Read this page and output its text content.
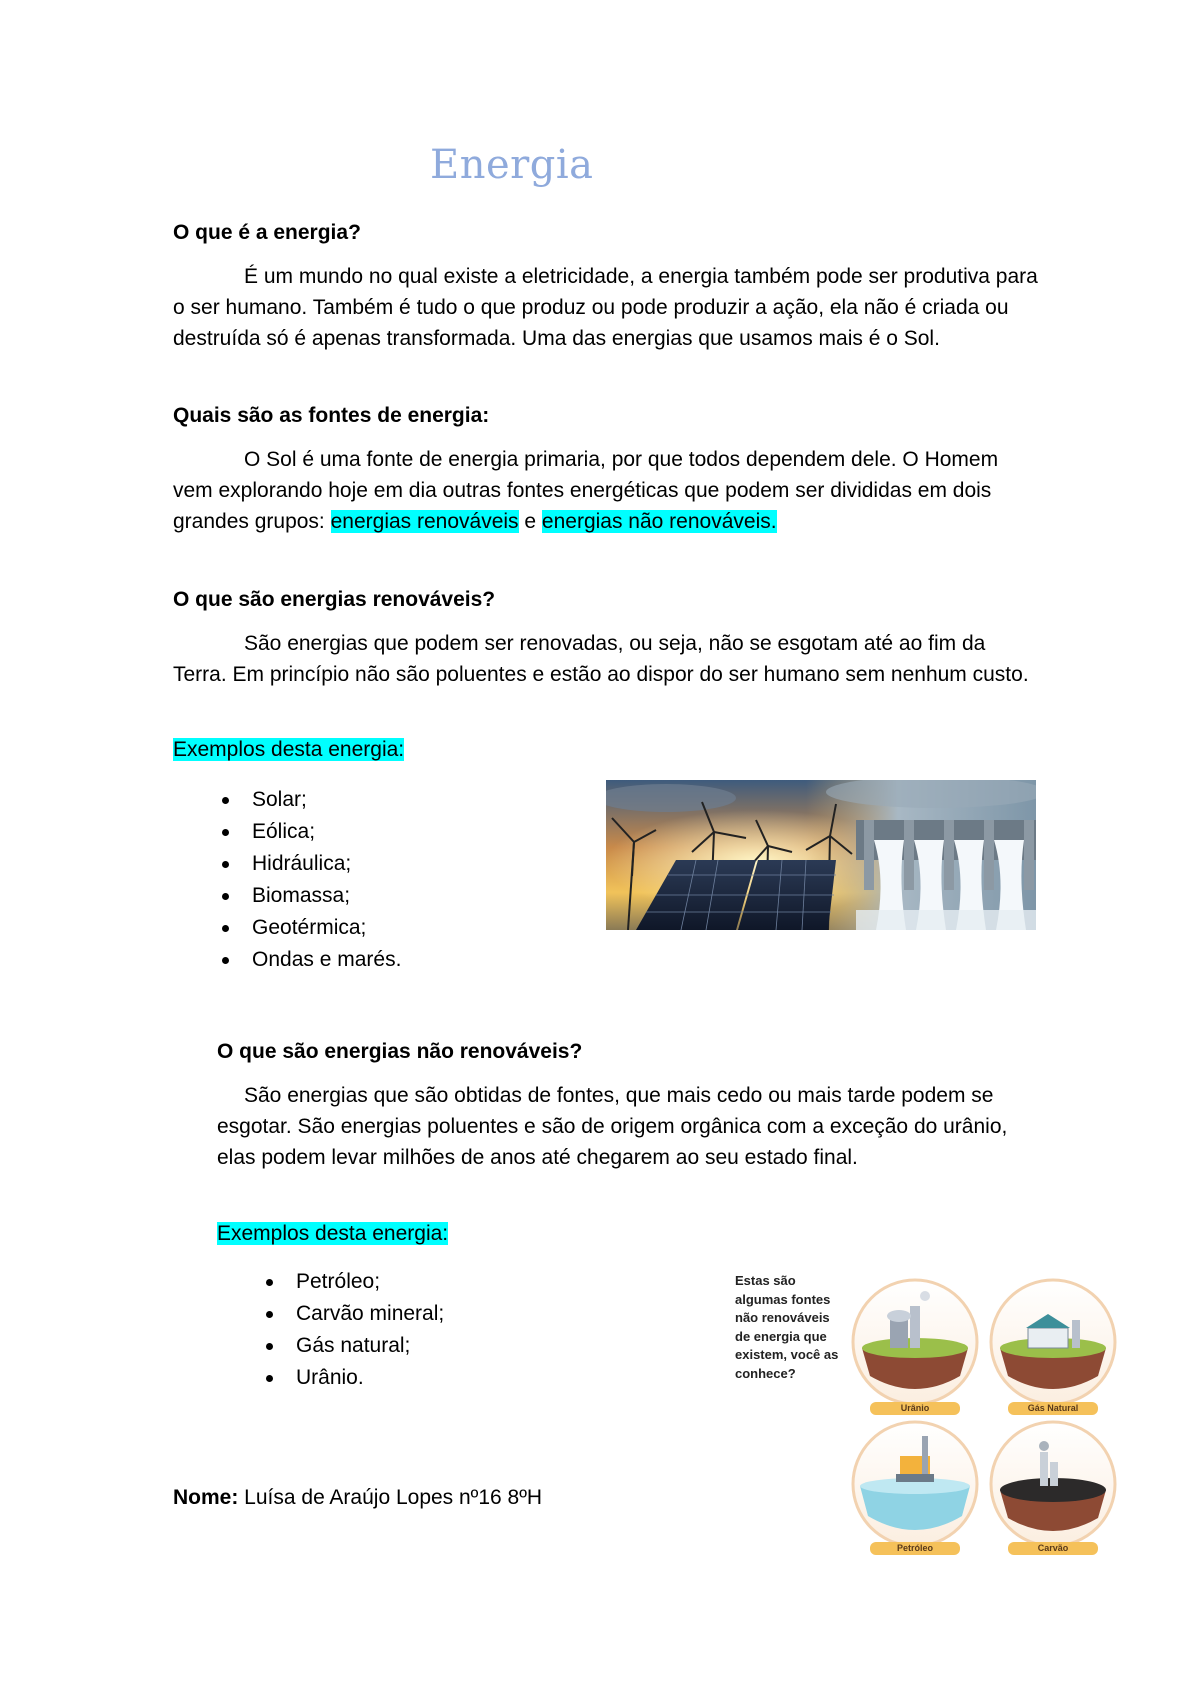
Energia
O que é a energia?

É um mundo no qual existe a eletricidade, a energia também pode ser produtiva para o ser humano. Também é tudo o que produz ou pode produzir a ação, ela não é criada ou destruída só é apenas transformada. Uma das energias que usamos mais é o Sol.

Quais são as fontes de energia:

O Sol é uma fonte de energia primaria, por que todos dependem dele. O Homem vem explorando hoje em dia outras fontes energéticas que podem ser divididas em dois grandes grupos: energias renováveis e energias não renováveis.

O que são energias renováveis?

São energias que podem ser renovadas, ou seja, não se esgotam até ao fim da Terra. Em princípio não são poluentes e estão ao dispor do ser humano sem nenhum custo.

Exemplos desta energia:
Solar;
Eólica;
Hidráulica;
Biomassa;
Geotérmica;
Ondas e marés.
O que são energias não renováveis?

São energias que são obtidas de fontes, que mais cedo ou mais tarde podem se esgotar. São energias poluentes e são de origem orgânica com a exceção do urânio, elas podem levar milhões de anos até chegarem ao seu estado final.

Exemplos desta energia:
Petróleo;
Carvão mineral;
Gás natural;
Urânio.
Estas são algumas fontes não renováveis de energia que existem, você as conhece?
Urânio	Gás Natural
Petróleo	Carvão
Nome: Luísa de Araújo Lopes nº16 8ºH
